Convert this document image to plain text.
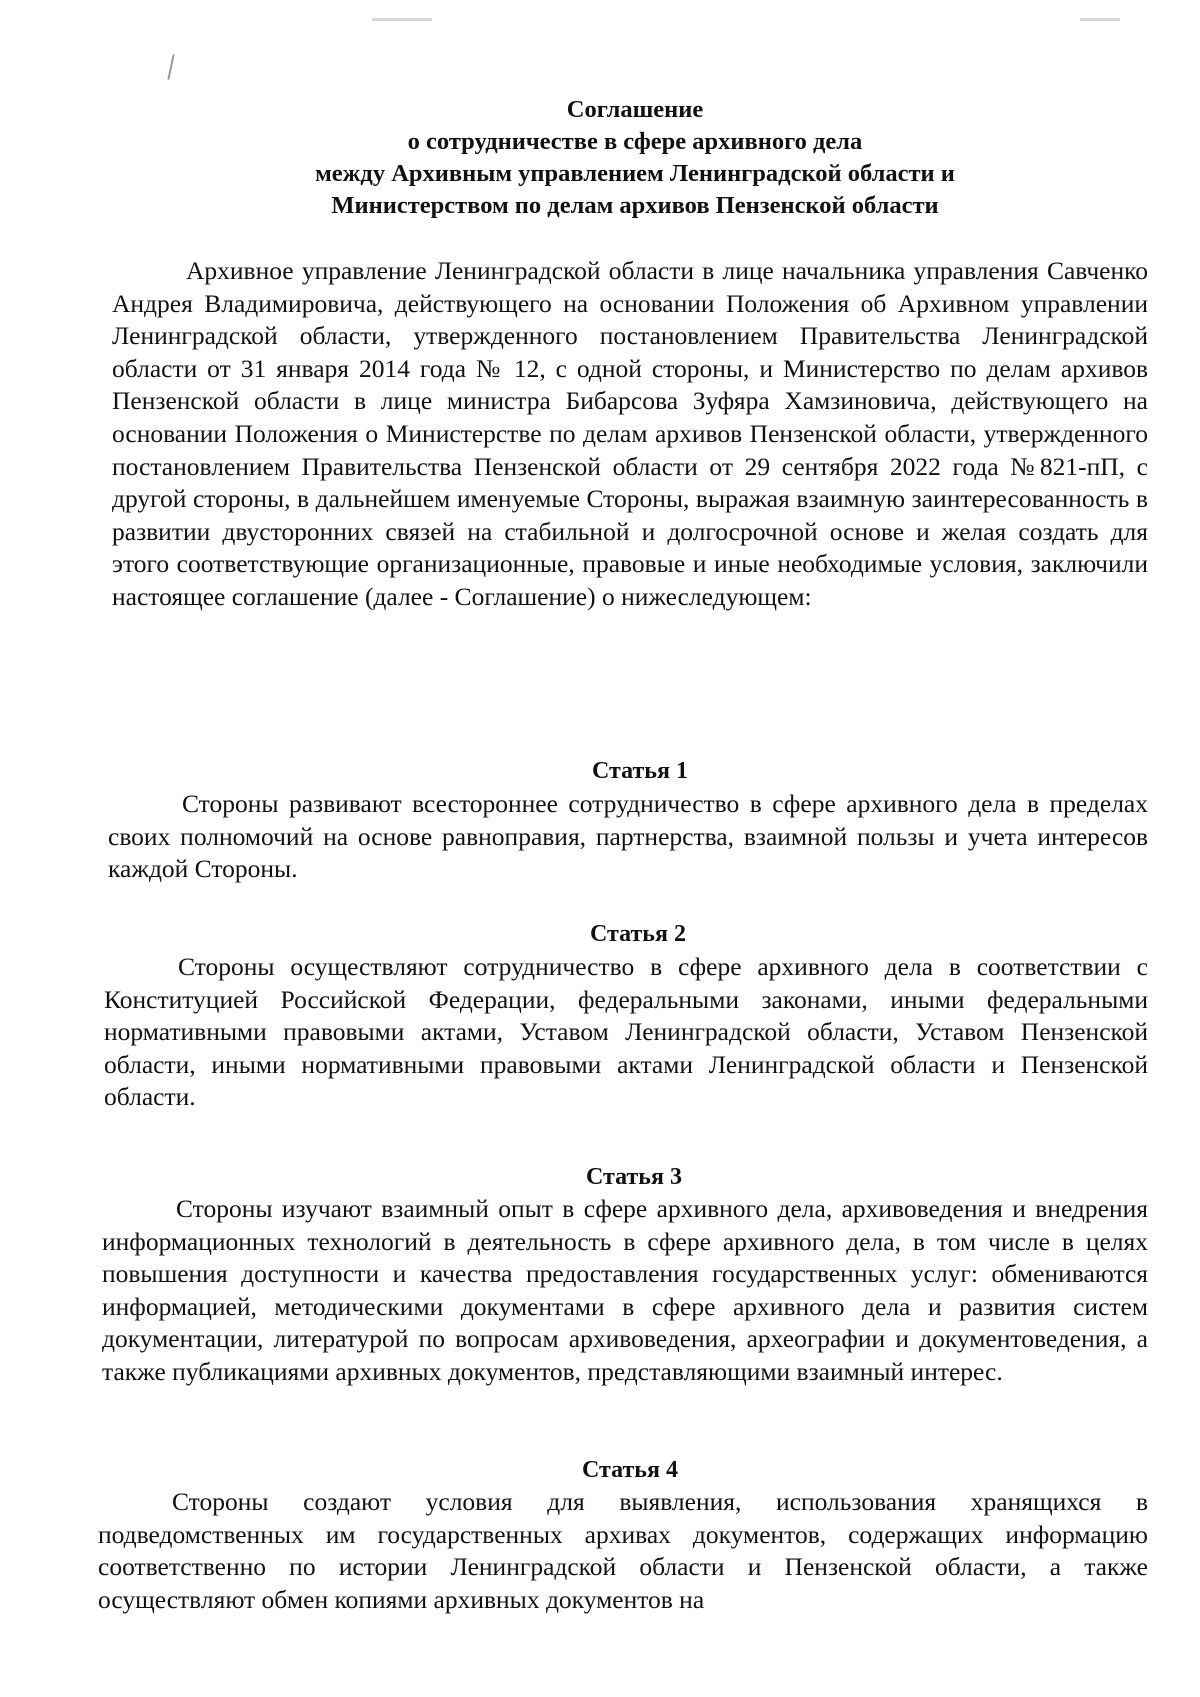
Соглашение
о сотрудничестве в сфере архивного дела
между Архивным управлением Ленинградской области и
Министерством по делам архивов Пензенской области
Архивное управление Ленинградской области в лице начальника управления Савченко Андрея Владимировича, действующего на основании Положения об Архивном управлении Ленинградской области, утвержденного постановлением Правительства Ленинградской области от 31 января 2014 года № 12, с одной стороны, и Министерство по делам архивов Пензенской области в лице министра Бибарсова Зуфяра Хамзиновича, действующего на основании Положения о Министерстве по делам архивов Пензенской области, утвержденного постановлением Правительства Пензенской области от 29 сентября 2022 года №821-пП, с другой стороны, в дальнейшем именуемые Стороны, выражая взаимную заинтересованность в развитии двусторонних связей на стабильной и долгосрочной основе и желая создать для этого соответствующие организационные, правовые и иные необходимые условия, заключили настоящее соглашение (далее - Соглашение) о нижеследующем:
Статья 1
Стороны развивают всестороннее сотрудничество в сфере архивного дела в пределах своих полномочий на основе равноправия, партнерства, взаимной пользы и учета интересов каждой Стороны.
Статья 2
Стороны осуществляют сотрудничество в сфере архивного дела в соответствии с Конституцией Российской Федерации, федеральными законами, иными федеральными нормативными правовыми актами, Уставом Ленинградской области, Уставом Пензенской области, иными нормативными правовыми актами Ленинградской области и Пензенской области.
Статья 3
Стороны изучают взаимный опыт в сфере архивного дела, архивоведения и внедрения информационных технологий в деятельность в сфере архивного дела, в том числе в целях повышения доступности и качества предоставления государственных услуг: обмениваются информацией, методическими документами в сфере архивного дела и развития систем документации, литературой по вопросам архивоведения, археографии и документоведения, а также публикациями архивных документов, представляющими взаимный интерес.
Статья 4
Стороны создают условия для выявления, использования хранящихся в подведомственных им государственных архивах документов, содержащих информацию соответственно по истории Ленинградской области и Пензенской области, а также осуществляют обмен копиями архивных документов на
